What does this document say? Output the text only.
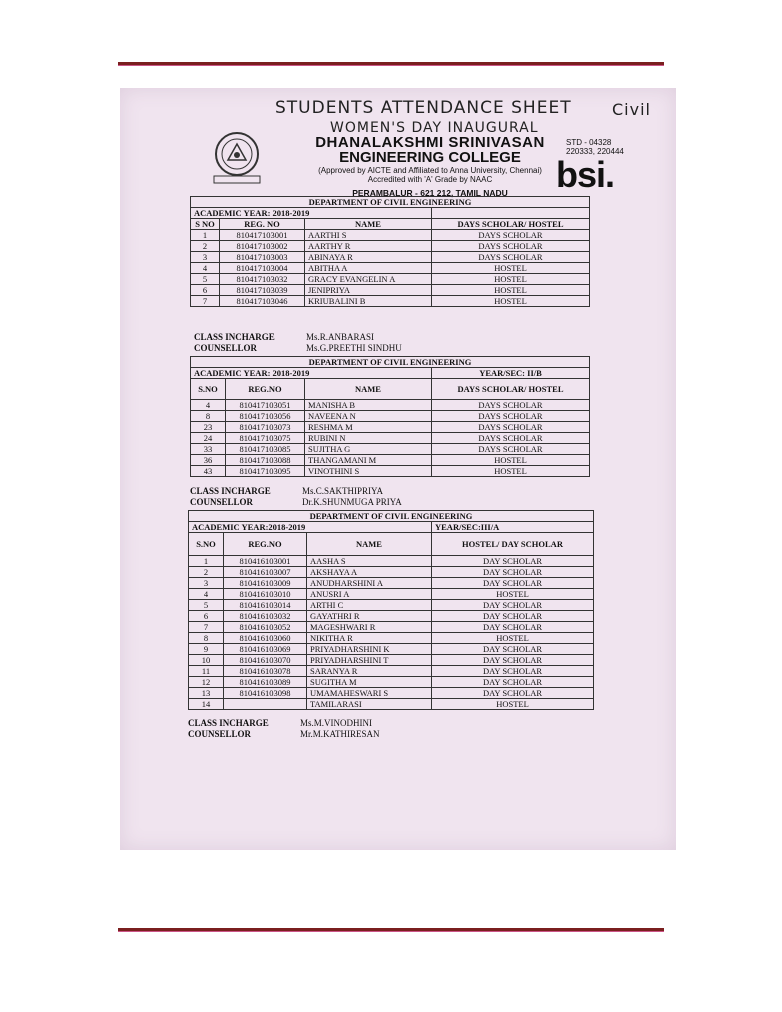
STUDENTS ATTENDANCE SHEET
WOMEN'S DAY INAUGURAL
Civil
DHANALAKSHMI SRINIVASAN
ENGINEERING COLLEGE
(Approved by AICTE and Affiliated to Anna University, Chennai)
Accredited with 'A' Grade by NAAC
PERAMBALUR - 621 212, TAMIL NADU
STD - 04328
220333, 220444
bsi.
DEPARTMENT OF CIVIL ENGINEERING			
ACADEMIC YEAR: 2018-2019			
S NO	REG. NO	NAME	DAYS SCHOLAR/ HOSTEL
1	810417103001	AARTHI S	DAYS SCHOLAR
2	810417103002	AARTHY R	DAYS SCHOLAR
3	810417103003	ABINAYA R	DAYS SCHOLAR
4	810417103004	ABITHA A	HOSTEL
5	810417103032	GRACY EVANGELIN A	HOSTEL
6	810417103039	JENIPRIYA	HOSTEL
7	810417103046	KRIUBALINI B	HOSTEL
CLASS INCHARGE	Ms.R.ANBARASI
COUNSELLOR	Ms.G.PREETHI SINDHU
DEPARTMENT OF CIVIL ENGINEERING			
ACADEMIC YEAR: 2018-2019			YEAR/SEC: II/B
S.NO	REG.NO	NAME	DAYS SCHOLAR/ HOSTEL
4	810417103051	MANISHA B	DAYS SCHOLAR
8	810417103056	NAVEENA N	DAYS SCHOLAR
23	810417103073	RESHMA M	DAYS SCHOLAR
24	810417103075	RUBINI N	DAYS SCHOLAR
33	810417103085	SUJITHA G	DAYS SCHOLAR
36	810417103088	THANGAMANI M	HOSTEL
43	810417103095	VINOTHINI S	HOSTEL
CLASS INCHARGE	Ms.C.SAKTHIPRIYA
COUNSELLOR	Dr.K.SHUNMUGA PRIYA
DEPARTMENT OF CIVIL ENGINEERING			
ACADEMIC YEAR:2018-2019			YEAR/SEC:III/A
S.NO	REG.NO	NAME	HOSTEL/ DAY SCHOLAR
1	810416103001	AASHA S	DAY SCHOLAR
2	810416103007	AKSHAYA A	DAY SCHOLAR
3	810416103009	ANUDHARSHINI A	DAY SCHOLAR
4	810416103010	ANUSRI A	HOSTEL
5	810416103014	ARTHI C	DAY SCHOLAR
6	810416103032	GAYATHRI R	DAY SCHOLAR
7	810416103052	MAGESHWARI R	DAY SCHOLAR
8	810416103060	NIKITHA R	HOSTEL
9	810416103069	PRIYADHARSHINI K	DAY SCHOLAR
10	810416103070	PRIYADHARSHINI T	DAY SCHOLAR
11	810416103078	SARANYA R	DAY SCHOLAR
12	810416103089	SUGITHA M	DAY SCHOLAR
13	810416103098	UMAMAHESWARI S	DAY SCHOLAR
14		TAMILARASI	HOSTEL
CLASS INCHARGE	Ms.M.VINODHINI
COUNSELLOR	Mr.M.KATHIRESAN
